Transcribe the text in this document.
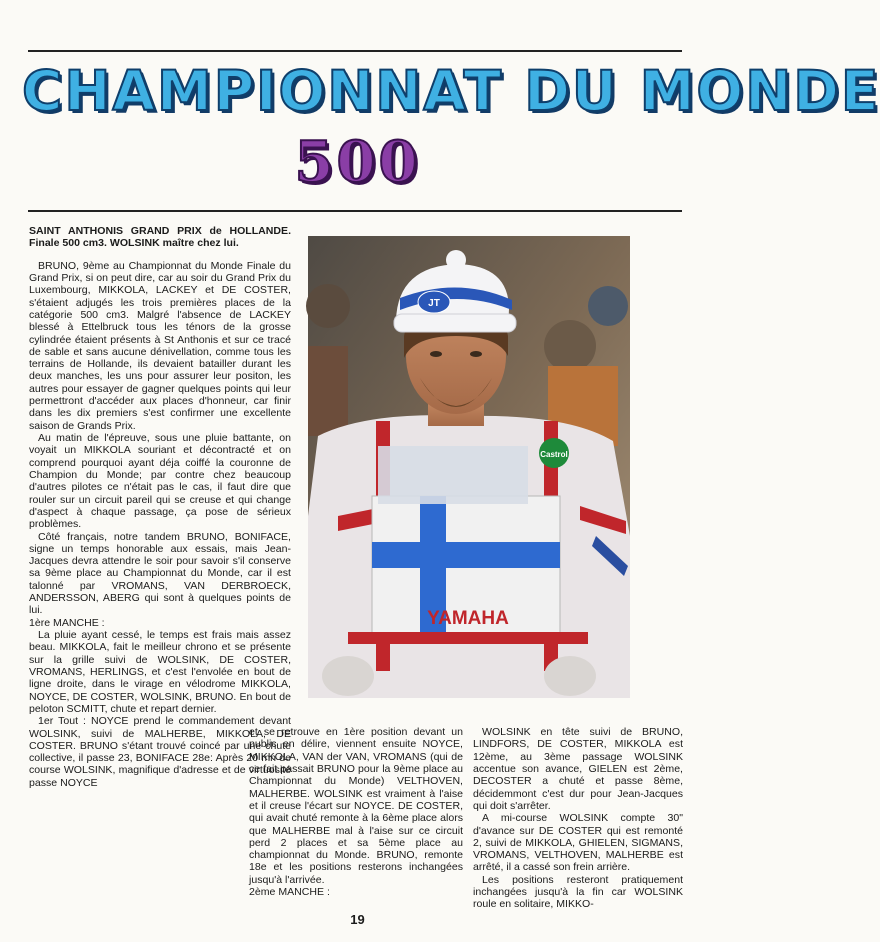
CHAMPIONNAT DU MONDE
500

SAINT ANTHONIS GRAND PRIX de HOLLANDE. Finale 500 cm3. WOLSINK maître chez lui.

BRUNO, 9ème au Championnat du Monde Finale du Grand Prix, si on peut dire, car au soir du Grand Prix du Luxembourg, MIKKOLA, LACKEY et DE COSTER, s'étaient adjugés les trois premières places de la catégorie 500 cm3. Malgré l'absence de LACKEY blessé à Ettelbruck tous les ténors de la grosse cylindrée étaient présents à St Anthonis et sur ce tracé de sable et sans aucune dénivellation, comme tous les terrains de Hollande, ils devaient batailler durant les deux manches, les uns pour assurer leur positon, les autres pour essayer de gagner quelques points qui leur permettront d'accéder aux places d'honneur, car finir dans les dix premiers s'est confirmer une excellente saison de Grands Prix.

Au matin de l'épreuve, sous une pluie battante, on voyait un MIKKOLA souriant et décontracté et on comprend pourquoi ayant déja coiffé la couronne de Champion du Monde; par contre chez beaucoup d'autres pilotes ce n'était pas le cas, il faut dire que rouler sur un circuit pareil qui se creuse et qui change d'aspect à chaque passage, ça pose de sérieux problèmes.

Côté français, notre tandem BRUNO, BONIFACE, signe un temps honorable aux essais, mais Jean-Jacques devra attendre le soir pour savoir s'il conserve sa 9ème place au Championnat du Monde, car il est talonné par VROMANS, VAN DERBROECK, ANDERSSON, ABERG qui sont à quelques points de lui.

1ère MANCHE :

La pluie ayant cessé, le temps est frais mais assez beau. MIKKOLA, fait le meilleur chrono et se présente sur la grille suivi de WOLSINK, DE COSTER, VROMANS, HERLINGS, et c'est l'envolée en bout de ligne droite, dans le virage en vélodrome MIKKOLA, NOYCE, DE COSTER, WOLSINK, BRUNO. En bout de peloton SCMITT, chute et repart dernier.

1er Tout : NOYCE prend le commandement devant WOLSINK, suivi de MALHERBE, MIKKOLA, DE COSTER. BRUNO s'étant trouvé coincé par une chute collective, il passe 23, BONIFACE 28e: Après 20 mn de course WOLSINK, magnifique d'adresse et de virtuosité passe NOYCE

YAMAHA
Castrol
JT

et se retrouve en 1ère position devant un public en délire, viennent ensuite NOYCE, MIKKOLA, VAN der VAN, VROMANS (qui de ce fait passait BRUNO pour la 9ème place au Championnat du Monde) VELTHOVEN, MALHERBE. WOLSINK est vraiment à l'aise et il creuse l'écart sur NOYCE. DE COSTER, qui avait chuté remonte à la 6ème place alors que MALHERBE mal à l'aise sur ce circuit perd 2 places et sa 5ème place au championnat du Monde. BRUNO, remonte 18e et les positions resterons inchangées jusqu'à l'arrivée.

2ème MANCHE :

WOLSINK en tête suivi de BRUNO, LINDFORS, DE COSTER, MIKKOLA est 12ème, au 3ème passage WOLSINK accentue son avance, GIELEN est 2ème, DECOSTER a chuté et passe 8ème, décidemmont c'est dur pour Jean-Jacques qui doit s'arrêter.

A mi-course WOLSINK compte 30" d'avance sur DE COSTER qui est remonté 2, suivi de MIKKOLA, GHIELEN, SIGMANS, VROMANS, VELTHOVEN, MALHERBE est arrêté, il a cassé son frein arrière.

Les positions resteront pratiquement inchangées jusqu'à la fin car WOLSINK roule en solitaire, MIKKO-

19
